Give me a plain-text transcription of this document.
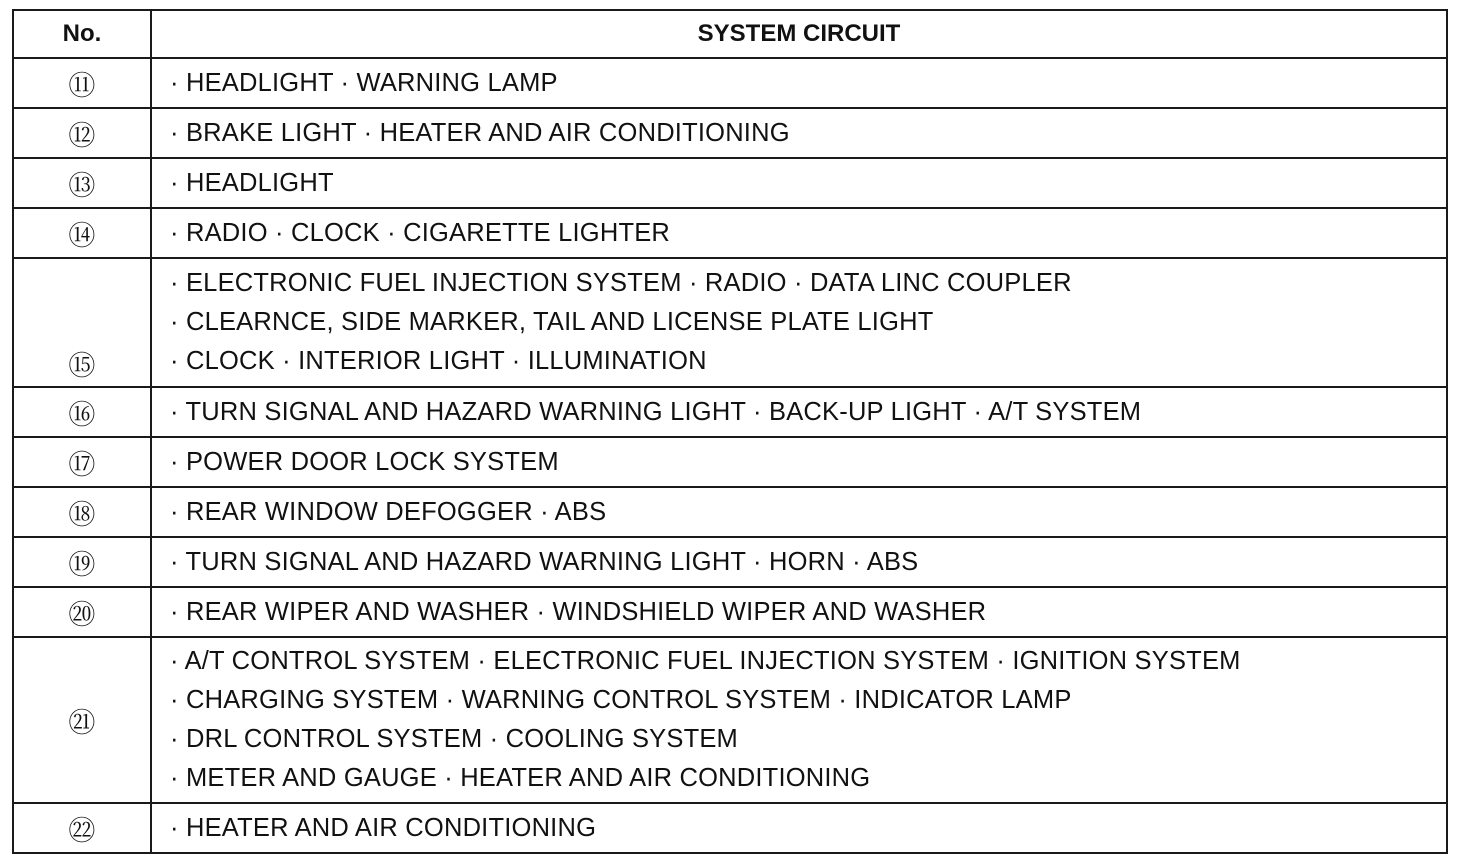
No.	SYSTEM CIRCUIT
⑪	· HEADLIGHT · WARNING LAMP

⑫	· BRAKE LIGHT · HEATER AND AIR CONDITIONING

⑬	· HEADLIGHT

⑭	· RADIO · CLOCK · CIGARETTE LIGHTER

⑮	· ELECTRONIC FUEL INJECTION SYSTEM · RADIO · DATA LINC COUPLER
· CLEARNCE, SIDE MARKER, TAIL AND LICENSE PLATE LIGHT
· CLOCK · INTERIOR LIGHT · ILLUMINATION

⑯	· TURN SIGNAL AND HAZARD WARNING LIGHT · BACK-UP LIGHT · A/T SYSTEM

⑰	· POWER DOOR LOCK SYSTEM

⑱	· REAR WINDOW DEFOGGER · ABS

⑲	· TURN SIGNAL AND HAZARD WARNING LIGHT · HORN · ABS

⑳	· REAR WIPER AND WASHER · WINDSHIELD WIPER AND WASHER

㉑	· A/T CONTROL SYSTEM · ELECTRONIC FUEL INJECTION SYSTEM · IGNITION SYSTEM
· CHARGING SYSTEM · WARNING CONTROL SYSTEM · INDICATOR LAMP
· DRL CONTROL SYSTEM · COOLING SYSTEM
· METER AND GAUGE · HEATER AND AIR CONDITIONING

㉒	· HEATER AND AIR CONDITIONING
